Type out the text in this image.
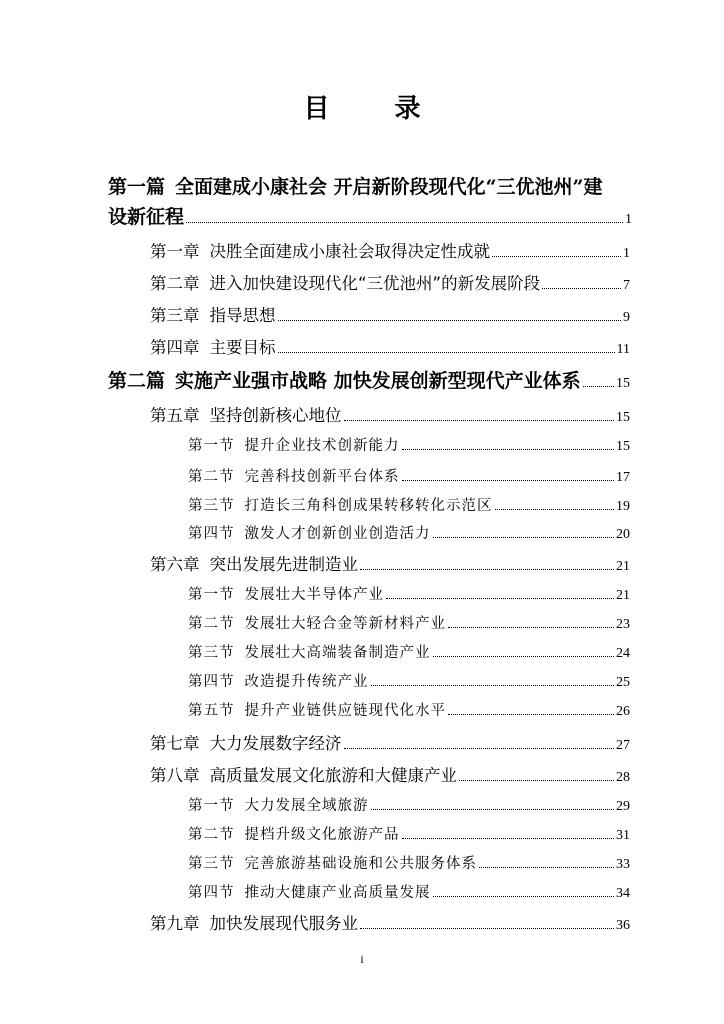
目 录
第一篇 全面建成小康社会 开启新阶段现代化“三优池州”建
设新征程	1
第一章 决胜全面建成小康社会取得决定性成就	1
第二章 进入加快建设现代化“三优池州”的新发展阶段	7
第三章 指导思想	9
第四章 主要目标	11
第二篇 实施产业强市战略 加快发展创新型现代产业体系	15
第五章 坚持创新核心地位	15
第一节 提升企业技术创新能力	15
第二节 完善科技创新平台体系	17
第三节 打造长三角科创成果转移转化示范区	19
第四节 激发人才创新创业创造活力	20
第六章 突出发展先进制造业	21
第一节 发展壮大半导体产业	21
第二节 发展壮大轻合金等新材料产业	23
第三节 发展壮大高端装备制造产业	24
第四节 改造提升传统产业	25
第五节 提升产业链供应链现代化水平	26
第七章 大力发展数字经济	27
第八章 高质量发展文化旅游和大健康产业	28
第一节 大力发展全域旅游	29
第二节 提档升级文化旅游产品	31
第三节 完善旅游基础设施和公共服务体系	33
第四节 推动大健康产业高质量发展	34
第九章 加快发展现代服务业	36
i
